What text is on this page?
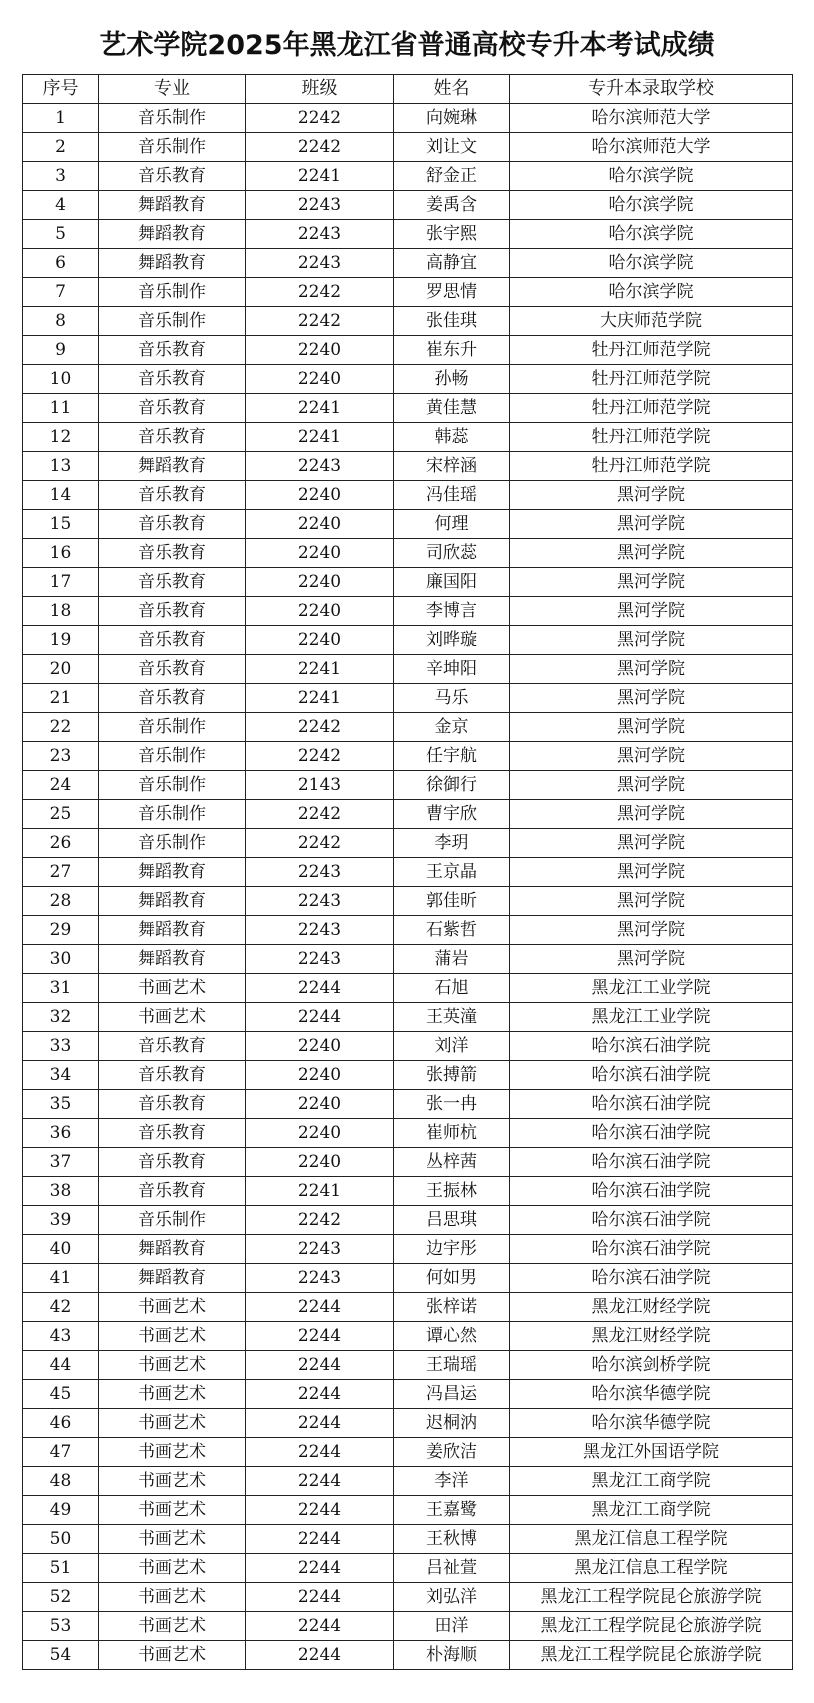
艺术学院2025年黑龙江省普通高校专升本考试成绩
序号	专业	班级	姓名	专升本录取学校
1	音乐制作	2242	向婉琳	哈尔滨师范大学
2	音乐制作	2242	刘让文	哈尔滨师范大学
3	音乐教育	2241	舒金正	哈尔滨学院
4	舞蹈教育	2243	姜禹含	哈尔滨学院
5	舞蹈教育	2243	张宇熙	哈尔滨学院
6	舞蹈教育	2243	高静宜	哈尔滨学院
7	音乐制作	2242	罗思情	哈尔滨学院
8	音乐制作	2242	张佳琪	大庆师范学院
9	音乐教育	2240	崔东升	牡丹江师范学院
10	音乐教育	2240	孙畅	牡丹江师范学院
11	音乐教育	2241	黄佳慧	牡丹江师范学院
12	音乐教育	2241	韩蕊	牡丹江师范学院
13	舞蹈教育	2243	宋梓涵	牡丹江师范学院
14	音乐教育	2240	冯佳瑶	黑河学院
15	音乐教育	2240	何理	黑河学院
16	音乐教育	2240	司欣蕊	黑河学院
17	音乐教育	2240	廉国阳	黑河学院
18	音乐教育	2240	李博言	黑河学院
19	音乐教育	2240	刘晔璇	黑河学院
20	音乐教育	2241	辛坤阳	黑河学院
21	音乐教育	2241	马乐	黑河学院
22	音乐制作	2242	金京	黑河学院
23	音乐制作	2242	任宇航	黑河学院
24	音乐制作	2143	徐御行	黑河学院
25	音乐制作	2242	曹宇欣	黑河学院
26	音乐制作	2242	李玥	黑河学院
27	舞蹈教育	2243	王京晶	黑河学院
28	舞蹈教育	2243	郭佳昕	黑河学院
29	舞蹈教育	2243	石紫哲	黑河学院
30	舞蹈教育	2243	蒲岩	黑河学院
31	书画艺术	2244	石旭	黑龙江工业学院
32	书画艺术	2244	王英潼	黑龙江工业学院
33	音乐教育	2240	刘洋	哈尔滨石油学院
34	音乐教育	2240	张搏箭	哈尔滨石油学院
35	音乐教育	2240	张一冉	哈尔滨石油学院
36	音乐教育	2240	崔师杭	哈尔滨石油学院
37	音乐教育	2240	丛梓茜	哈尔滨石油学院
38	音乐教育	2241	王振林	哈尔滨石油学院
39	音乐制作	2242	吕思琪	哈尔滨石油学院
40	舞蹈教育	2243	边宇彤	哈尔滨石油学院
41	舞蹈教育	2243	何如男	哈尔滨石油学院
42	书画艺术	2244	张梓诺	黑龙江财经学院
43	书画艺术	2244	谭心然	黑龙江财经学院
44	书画艺术	2244	王瑞瑶	哈尔滨剑桥学院
45	书画艺术	2244	冯昌运	哈尔滨华德学院
46	书画艺术	2244	迟桐汭	哈尔滨华德学院
47	书画艺术	2244	姜欣洁	黑龙江外国语学院
48	书画艺术	2244	李洋	黑龙江工商学院
49	书画艺术	2244	王嘉鹭	黑龙江工商学院
50	书画艺术	2244	王秋博	黑龙江信息工程学院
51	书画艺术	2244	吕祉萱	黑龙江信息工程学院
52	书画艺术	2244	刘弘洋	黑龙江工程学院昆仑旅游学院
53	书画艺术	2244	田洋	黑龙江工程学院昆仑旅游学院
54	书画艺术	2244	朴海顺	黑龙江工程学院昆仑旅游学院
